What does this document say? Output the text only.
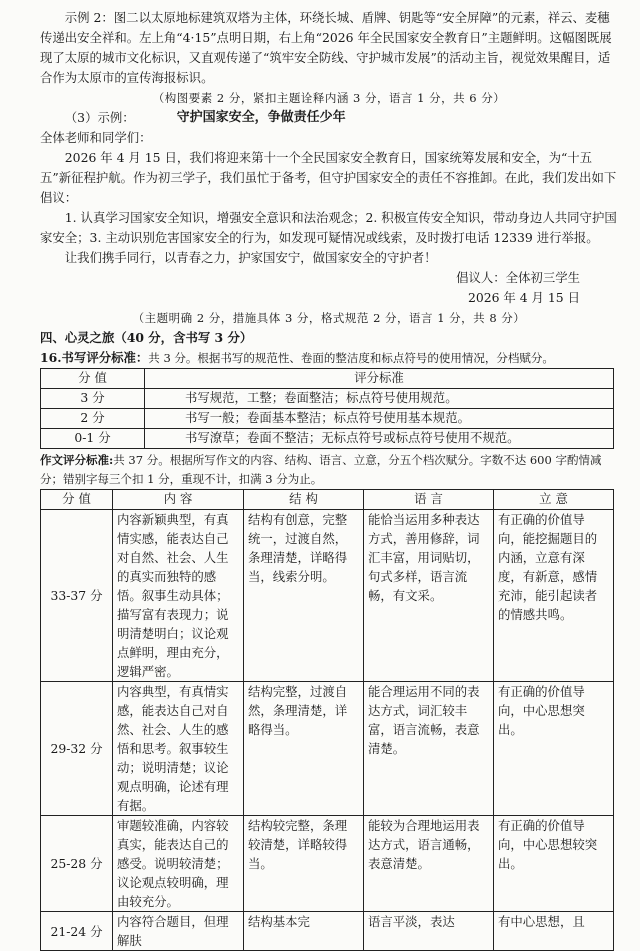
示例 2：图二以太原地标建筑双塔为主体，环绕长城、盾牌、钥匙等“安全屏障”的元素，祥云、麦穗传递出安全祥和。左上角“4·15”点明日期，右上角“2026 年全民国家安全教育日”主题鲜明。这幅图既展现了太原的城市文化标识，又直观传递了“筑牢安全防线、守护城市发展”的活动主旨，视觉效果醒目，适合作为太原市的宣传海报标识。

（构图要素 2 分，紧扣主题诠释内涵 3 分，语言 1 分，共 6 分）

（3）示例：	守护国家安全，争做责任少年

全体老师和同学们：

2026 年 4 月 15 日，我们将迎来第十一个全民国家安全教育日，国家统筹发展和安全，为“十五五”新征程护航。作为初三学子，我们虽忙于备考，但守护国家安全的责任不容推卸。在此，我们发出如下倡议：

1. 认真学习国家安全知识，增强安全意识和法治观念；2. 积极宣传安全知识，带动身边人共同守护国家安全；3. 主动识别危害国家安全的行为，如发现可疑情况或线索，及时拨打电话 12339 进行举报。

让我们携手同行，以青春之力，护家国安宁，做国家安全的守护者！

倡议人：全体初三学生

2026 年 4 月 15 日

（主题明确 2 分，措施具体 3 分，格式规范 2 分，语言 1 分，共 8 分）

四、心灵之旅（40 分，含书写 3 分）

16.书写评分标准：共 3 分。根据书写的规范性、卷面的整洁度和标点符号的使用情况，分档赋分。

分 值	评分标准
3 分	书写规范，工整；卷面整洁；标点符号使用规范。
2 分	书写一般；卷面基本整洁；标点符号使用基本规范。
0-1 分	书写潦草；卷面不整洁；无标点符号或标点符号使用不规范。

作文评分标准:共 37 分。根据所写作文的内容、结构、语言、立意，分五个档次赋分。字数不达 600 字酌情减分；错别字每三个扣 1 分，重现不计，扣满 3 分为止。

分 值	内 容	结 构	语 言	立 意
33-37 分	内容新颖典型，有真情实感，能表达自己对自然、社会、人生的真实而独特的感悟。叙事生动具体；描写富有表现力；说明清楚明白；议论观点鲜明，理由充分，逻辑严密。	结构有创意，完整统一，过渡自然，条理清楚，详略得当，线索分明。	能恰当运用多种表达方式，善用修辞，词汇丰富，用词贴切，句式多样，语言流畅，有文采。	有正确的价值导向，能挖掘题目的内涵，立意有深度，有新意，感情充沛，能引起读者的情感共鸣。
29-32 分	内容典型，有真情实感，能表达自己对自然、社会、人生的感悟和思考。叙事较生动；说明清楚；议论观点明确，论述有理有据。	结构完整，过渡自然，条理清楚，详略得当。	能合理运用不同的表达方式，词汇较丰富，语言流畅，表意清楚。	有正确的价值导向，中心思想突出。
25-28 分	审题较准确，内容较真实，能表达自己的感受。说明较清楚；议论观点较明确，理由较充分。	结构较完整，条理较清楚，详略较得当。	能较为合理地运用表达方式，语言通畅，表意清楚。	有正确的价值导向，中心思想较突出。
21-24 分	内容符合题目，但理解肤	结构基本完	语言平淡，表达	有中心思想，且
